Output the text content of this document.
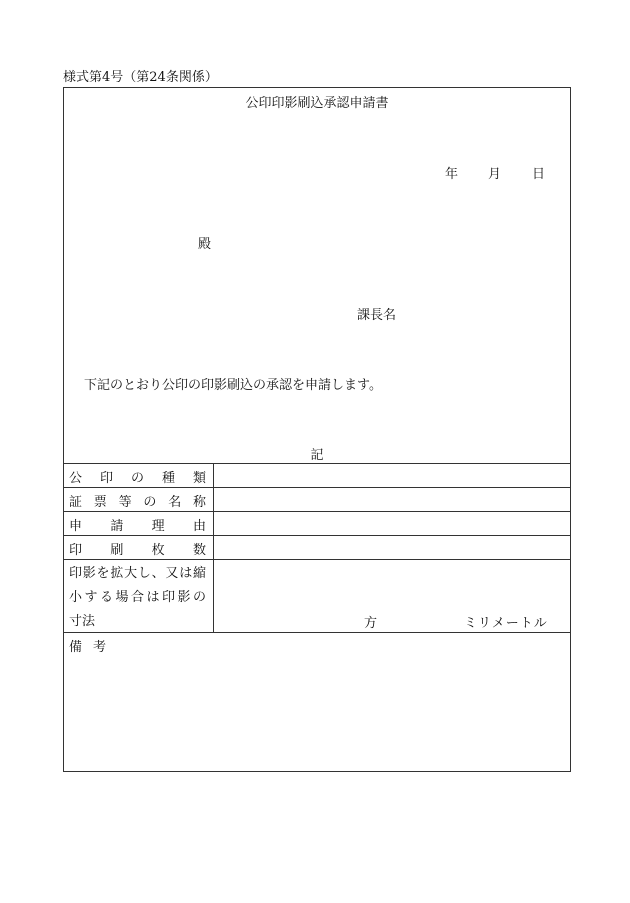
様式第4号（第24条関係）
公印印影刷込承認申請書
年 月 日
殿
課長名
下記のとおり公印の印影刷込の承認を申請します。
記
公印の種類
証票等の名称
申請理由
印刷枚数
印影を拡大し、又は縮
小する場合は印影の
寸法	方	ミリメートル
備考
